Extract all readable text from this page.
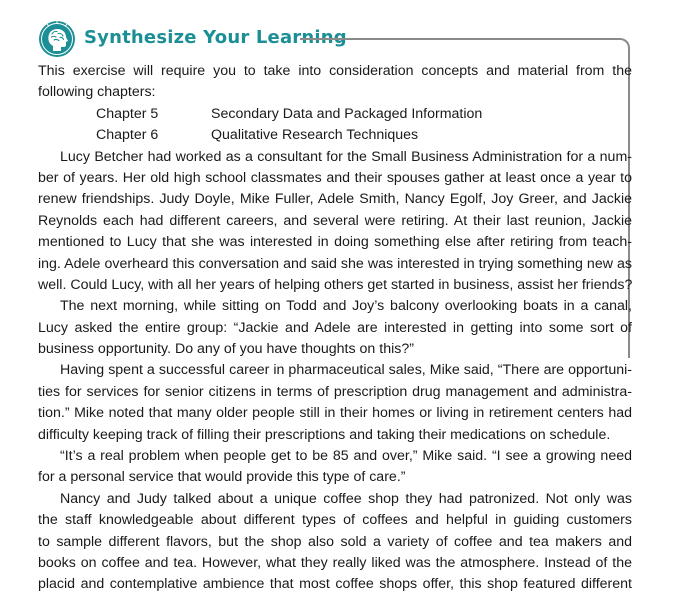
Synthesize Your Learning
This exercise will require you to take into consideration concepts and material from the
following chapters:
Chapter 5	Secondary Data and Packaged Information
Chapter 6	Qualitative Research Techniques
Lucy Betcher had worked as a consultant for the Small Business Administration for a num-
ber of years. Her old high school classmates and their spouses gather at least once a year to
renew friendships. Judy Doyle, Mike Fuller, Adele Smith, Nancy Egolf, Joy Greer, and Jackie
Reynolds each had different careers, and several were retiring. At their last reunion, Jackie
mentioned to Lucy that she was interested in doing something else after retiring from teach-
ing. Adele overheard this conversation and said she was interested in trying something new as
well. Could Lucy, with all her years of helping others get started in business, assist her friends?
The next morning, while sitting on Todd and Joy’s balcony overlooking boats in a canal,
Lucy asked the entire group: “Jackie and Adele are interested in getting into some sort of
business opportunity. Do any of you have thoughts on this?”
Having spent a successful career in pharmaceutical sales, Mike said, “There are opportuni-
ties for services for senior citizens in terms of prescription drug management and administra-
tion.” Mike noted that many older people still in their homes or living in retirement centers had
difficulty keeping track of filling their prescriptions and taking their medications on schedule.
“It’s a real problem when people get to be 85 and over,” Mike said. “I see a growing need
for a personal service that would provide this type of care.”
Nancy and Judy talked about a unique coffee shop they had patronized. Not only was
the staff knowledgeable about different types of coffees and helpful in guiding customers
to sample different flavors, but the shop also sold a variety of coffee and tea makers and
books on coffee and tea. However, what they really liked was the atmosphere. Instead of the
placid and contemplative ambience that most coffee shops offer, this shop featured different
